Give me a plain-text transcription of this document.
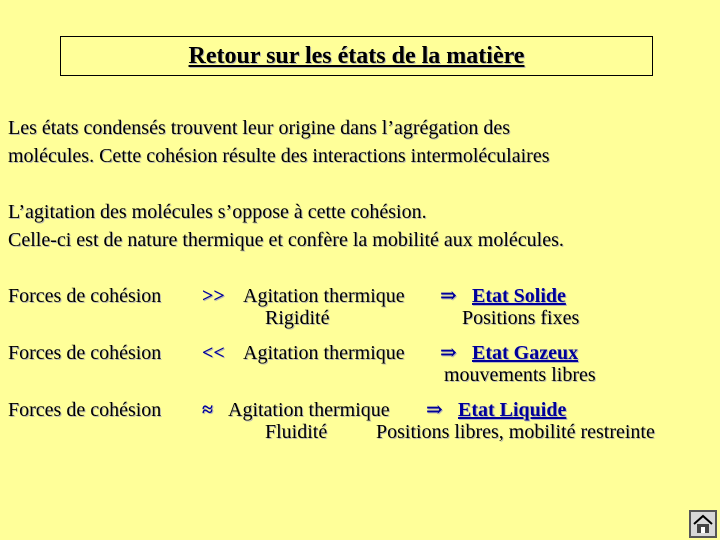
Retour sur les états de la matière
Les états condensés trouvent leur origine dans l’agrégation des
molécules. Cette cohésion résulte des interactions intermoléculaires
L’agitation des molécules s’oppose à cette cohésion.
Celle-ci est de nature thermique et confère la mobilité aux molécules.
Forces de cohésion >> Agitation thermique ⇒ Etat Solide
Rigidité	Positions fixes
Forces de cohésion << Agitation thermique ⇒ Etat Gazeux
mouvements libres
Forces de cohésion ≈ Agitation thermique ⇒ Etat Liquide
Fluidité Positions libres, mobilité restreinte
